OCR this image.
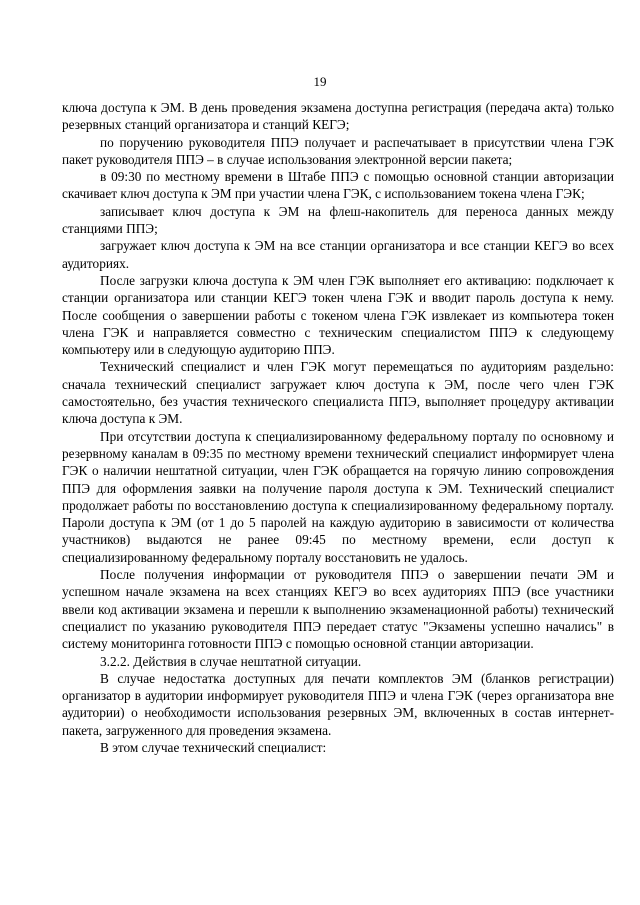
19

ключа доступа к ЭМ. В день проведения экзамена доступна регистрация (передача акта) только резервных станций организатора и станций КЕГЭ;

по поручению руководителя ППЭ получает и распечатывает в присутствии члена ГЭК пакет руководителя ППЭ – в случае использования электронной версии пакета;

в 09:30 по местному времени в Штабе ППЭ с помощью основной станции авторизации скачивает ключ доступа к ЭМ при участии члена ГЭК, с использованием токена члена ГЭК;

записывает ключ доступа к ЭМ на флеш-накопитель для переноса данных между станциями ППЭ;

загружает ключ доступа к ЭМ на все станции организатора и все станции КЕГЭ во всех аудиториях.

После загрузки ключа доступа к ЭМ член ГЭК выполняет его активацию: подключает к станции организатора или станции КЕГЭ токен члена ГЭК и вводит пароль доступа к нему. После сообщения о завершении работы с токеном члена ГЭК извлекает из компьютера токен члена ГЭК и направляется совместно с техническим специалистом ППЭ к следующему компьютеру или в следующую аудиторию ППЭ.

Технический специалист и член ГЭК могут перемещаться по аудиториям раздельно: сначала технический специалист загружает ключ доступа к ЭМ, после чего член ГЭК самостоятельно, без участия технического специалиста ППЭ, выполняет процедуру активации ключа доступа к ЭМ.

При отсутствии доступа к специализированному федеральному порталу по основному и резервному каналам в 09:35 по местному времени технический специалист информирует члена ГЭК о наличии нештатной ситуации, член ГЭК обращается на горячую линию сопровождения ППЭ для оформления заявки на получение пароля доступа к ЭМ. Технический специалист продолжает работы по восстановлению доступа к специализированному федеральному порталу. Пароли доступа к ЭМ (от 1 до 5 паролей на каждую аудиторию в зависимости от количества участников) выдаются не ранее 09:45 по местному времени, если доступ к специализированному федеральному порталу восстановить не удалось.

После получения информации от руководителя ППЭ о завершении печати ЭМ и успешном начале экзамена на всех станциях КЕГЭ во всех аудиториях ППЭ (все участники ввели код активации экзамена и перешли к выполнению экзаменационной работы) технический специалист по указанию руководителя ППЭ передает статус "Экзамены успешно начались" в систему мониторинга готовности ППЭ с помощью основной станции авторизации.

3.2.2. Действия в случае нештатной ситуации.

В случае недостатка доступных для печати комплектов ЭМ (бланков регистрации) организатор в аудитории информирует руководителя ППЭ и члена ГЭК (через организатора вне аудитории) о необходимости использования резервных ЭМ, включенных в состав интернет-пакета, загруженного для проведения экзамена.

В этом случае технический специалист:
